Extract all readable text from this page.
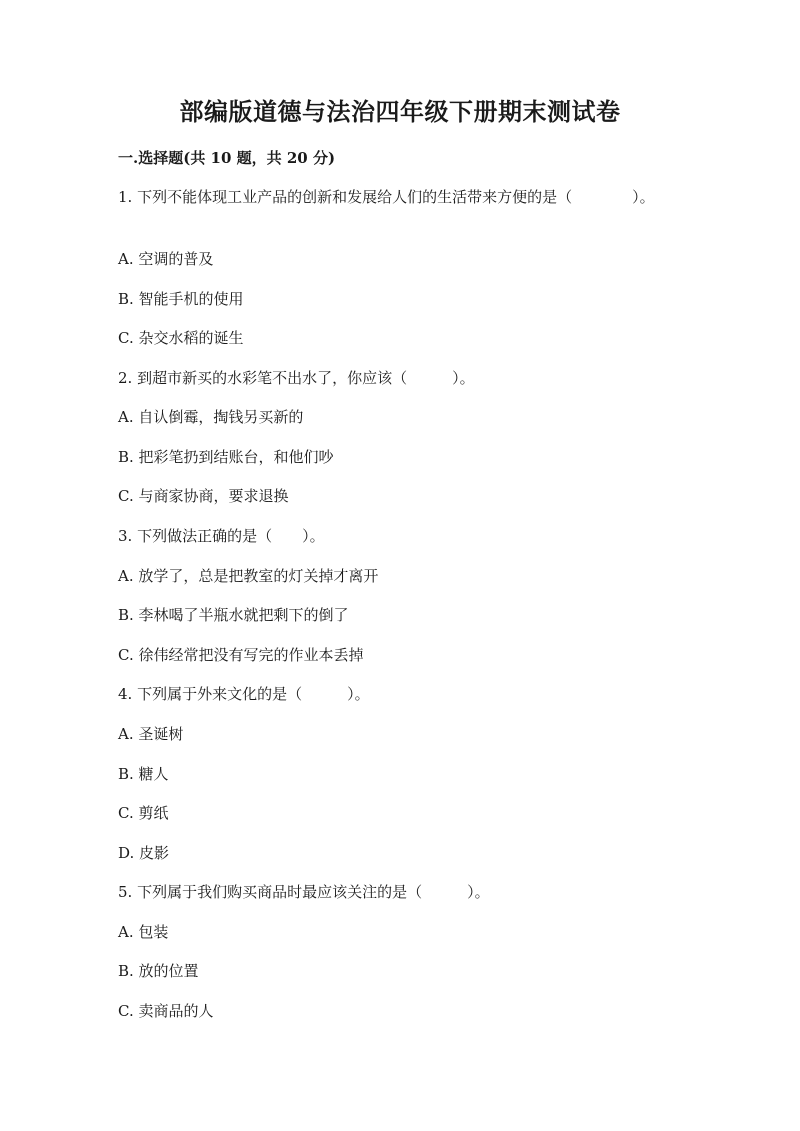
部编版道德与法治四年级下册期末测试卷
一.选择题(共 10 题，共 20 分)
1. 下列不能体现工业产品的创新和发展给人们的生活带来方便的是（　　　　）。
A. 空调的普及
B. 智能手机的使用
C. 杂交水稻的诞生
2. 到超市新买的水彩笔不出水了，你应该（　　　）。
A. 自认倒霉，掏钱另买新的
B. 把彩笔扔到结账台，和他们吵
C. 与商家协商，要求退换
3. 下列做法正确的是（　　）。
A. 放学了，总是把教室的灯关掉才离开
B. 李林喝了半瓶水就把剩下的倒了
C. 徐伟经常把没有写完的作业本丢掉
4. 下列属于外来文化的是（　　　）。
A. 圣诞树
B. 糖人
C. 剪纸
D. 皮影
5. 下列属于我们购买商品时最应该关注的是（　　　）。
A. 包装
B. 放的位置
C. 卖商品的人
